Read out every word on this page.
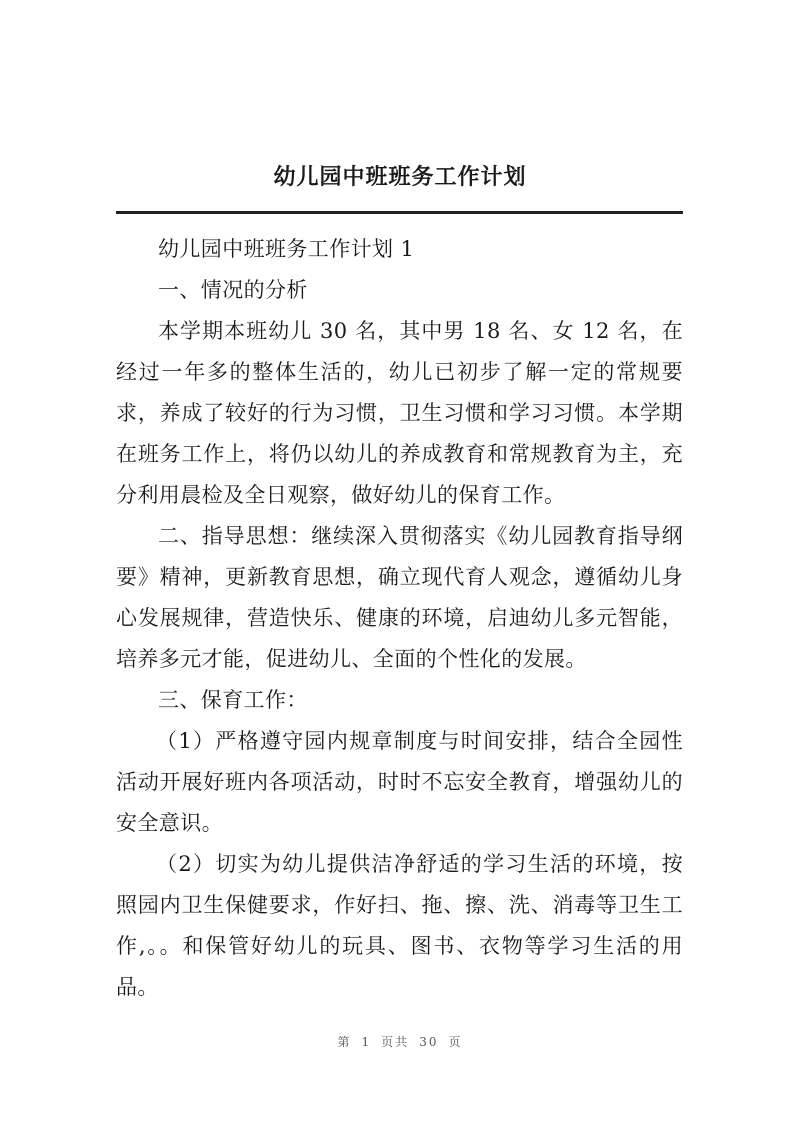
幼儿园中班班务工作计划

幼儿园中班班务工作计划 1

一、情况的分析

本学期本班幼儿 30 名，其中男 18 名、女 12 名，在经过一年多的整体生活的，幼儿已初步了解一定的常规要求，养成了较好的行为习惯，卫生习惯和学习习惯。本学期在班务工作上，将仍以幼儿的养成教育和常规教育为主，充分利用晨检及全日观察，做好幼儿的保育工作。

二、指导思想：继续深入贯彻落实《幼儿园教育指导纲要》精神，更新教育思想，确立现代育人观念，遵循幼儿身心发展规律，营造快乐、健康的环境，启迪幼儿多元智能，培养多元才能，促进幼儿、全面的个性化的发展。

三、保育工作：

（1）严格遵守园内规章制度与时间安排，结合全园性活动开展好班内各项活动，时时不忘安全教育，增强幼儿的安全意识。

（2）切实为幼儿提供洁净舒适的学习生活的环境，按照园内卫生保健要求，作好扫、拖、擦、洗、消毒等卫生工作,。。和保管好幼儿的玩具、图书、衣物等学习生活的用品。

第 1 页共 30 页
